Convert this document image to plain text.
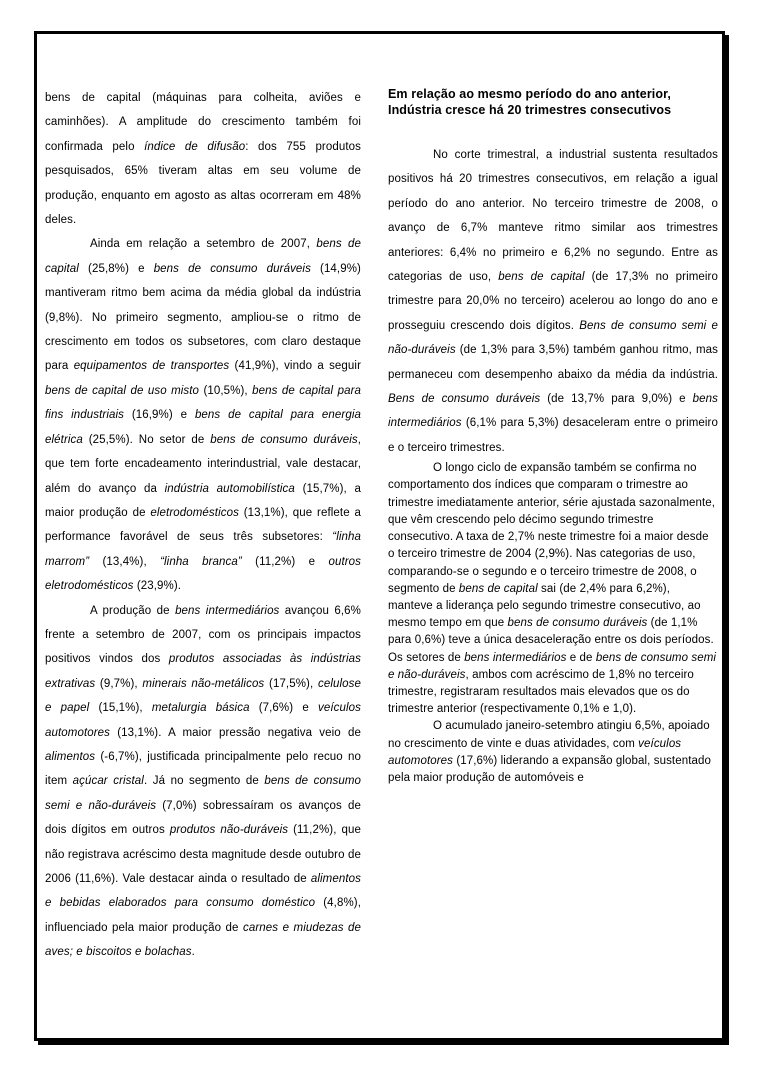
bens de capital (máquinas para colheita, aviões e caminhões). A amplitude do crescimento também foi confirmada pelo índice de difusão: dos 755 produtos pesquisados, 65% tiveram altas em seu volume de produção, enquanto em agosto as altas ocorreram em 48% deles.

Ainda em relação a setembro de 2007, bens de capital (25,8%) e bens de consumo duráveis (14,9%) mantiveram ritmo bem acima da média global da indústria (9,8%). No primeiro segmento, ampliou-se o ritmo de crescimento em todos os subsetores, com claro destaque para equipamentos de transportes (41,9%), vindo a seguir bens de capital de uso misto (10,5%), bens de capital para fins industriais (16,9%) e bens de capital para energia elétrica (25,5%). No setor de bens de consumo duráveis, que tem forte encadeamento interindustrial, vale destacar, além do avanço da indústria automobilística (15,7%), a maior produção de eletrodomésticos (13,1%), que reflete a performance favorável de seus três subsetores: “linha marrom” (13,4%), “linha branca” (11,2%) e outros eletrodomésticos (23,9%).

A produção de bens intermediários avançou 6,6% frente a setembro de 2007, com os principais impactos positivos vindos dos produtos associadas às indústrias extrativas (9,7%), minerais não-metálicos (17,5%), celulose e papel (15,1%), metalurgia básica (7,6%) e veículos automotores (13,1%). A maior pressão negativa veio de alimentos (-6,7%), justificada principalmente pelo recuo no item açúcar cristal. Já no segmento de bens de consumo semi e não-duráveis (7,0%) sobressaíram os avanços de dois dígitos em outros produtos não-duráveis (11,2%), que não registrava acréscimo desta magnitude desde outubro de 2006 (11,6%). Vale destacar ainda o resultado de alimentos e bebidas elaborados para consumo doméstico (4,8%), influenciado pela maior produção de carnes e miudezas de aves; e biscoitos e bolachas.

Em relação ao mesmo período do ano anterior,
Indústria cresce há 20 trimestres consecutivos

No corte trimestral, a industrial sustenta resultados positivos há 20 trimestres consecutivos, em relação a igual período do ano anterior. No terceiro trimestre de 2008, o avanço de 6,7% manteve ritmo similar aos trimestres anteriores: 6,4% no primeiro e 6,2% no segundo. Entre as categorias de uso, bens de capital (de 17,3% no primeiro trimestre para 20,0% no terceiro) acelerou ao longo do ano e prosseguiu crescendo dois dígitos. Bens de consumo semi e não-duráveis (de 1,3% para 3,5%) também ganhou ritmo, mas permaneceu com desempenho abaixo da média da indústria. Bens de consumo duráveis (de 13,7% para 9,0%) e bens intermediários (6,1% para 5,3%) desaceleram entre o primeiro e o terceiro trimestres.

O longo ciclo de expansão também se confirma no comportamento dos índices que comparam o trimestre ao trimestre imediatamente anterior, série ajustada sazonalmente, que vêm crescendo pelo décimo segundo trimestre consecutivo. A taxa de 2,7% neste trimestre foi a maior desde o terceiro trimestre de 2004 (2,9%). Nas categorias de uso, comparando-se o segundo e o terceiro trimestre de 2008, o segmento de bens de capital sai (de 2,4% para 6,2%), manteve a liderança pelo segundo trimestre consecutivo, ao mesmo tempo em que bens de consumo duráveis (de 1,1% para 0,6%) teve a única desaceleração entre os dois períodos. Os setores de bens intermediários e de bens de consumo semi e não-duráveis, ambos com acréscimo de 1,8% no terceiro trimestre, registraram resultados mais elevados que os do trimestre anterior (respectivamente 0,1% e 1,0).

O acumulado janeiro-setembro atingiu 6,5%, apoiado no crescimento de vinte e duas atividades, com veículos automotores (17,6%) liderando a expansão global, sustentado pela maior produção de automóveis e
